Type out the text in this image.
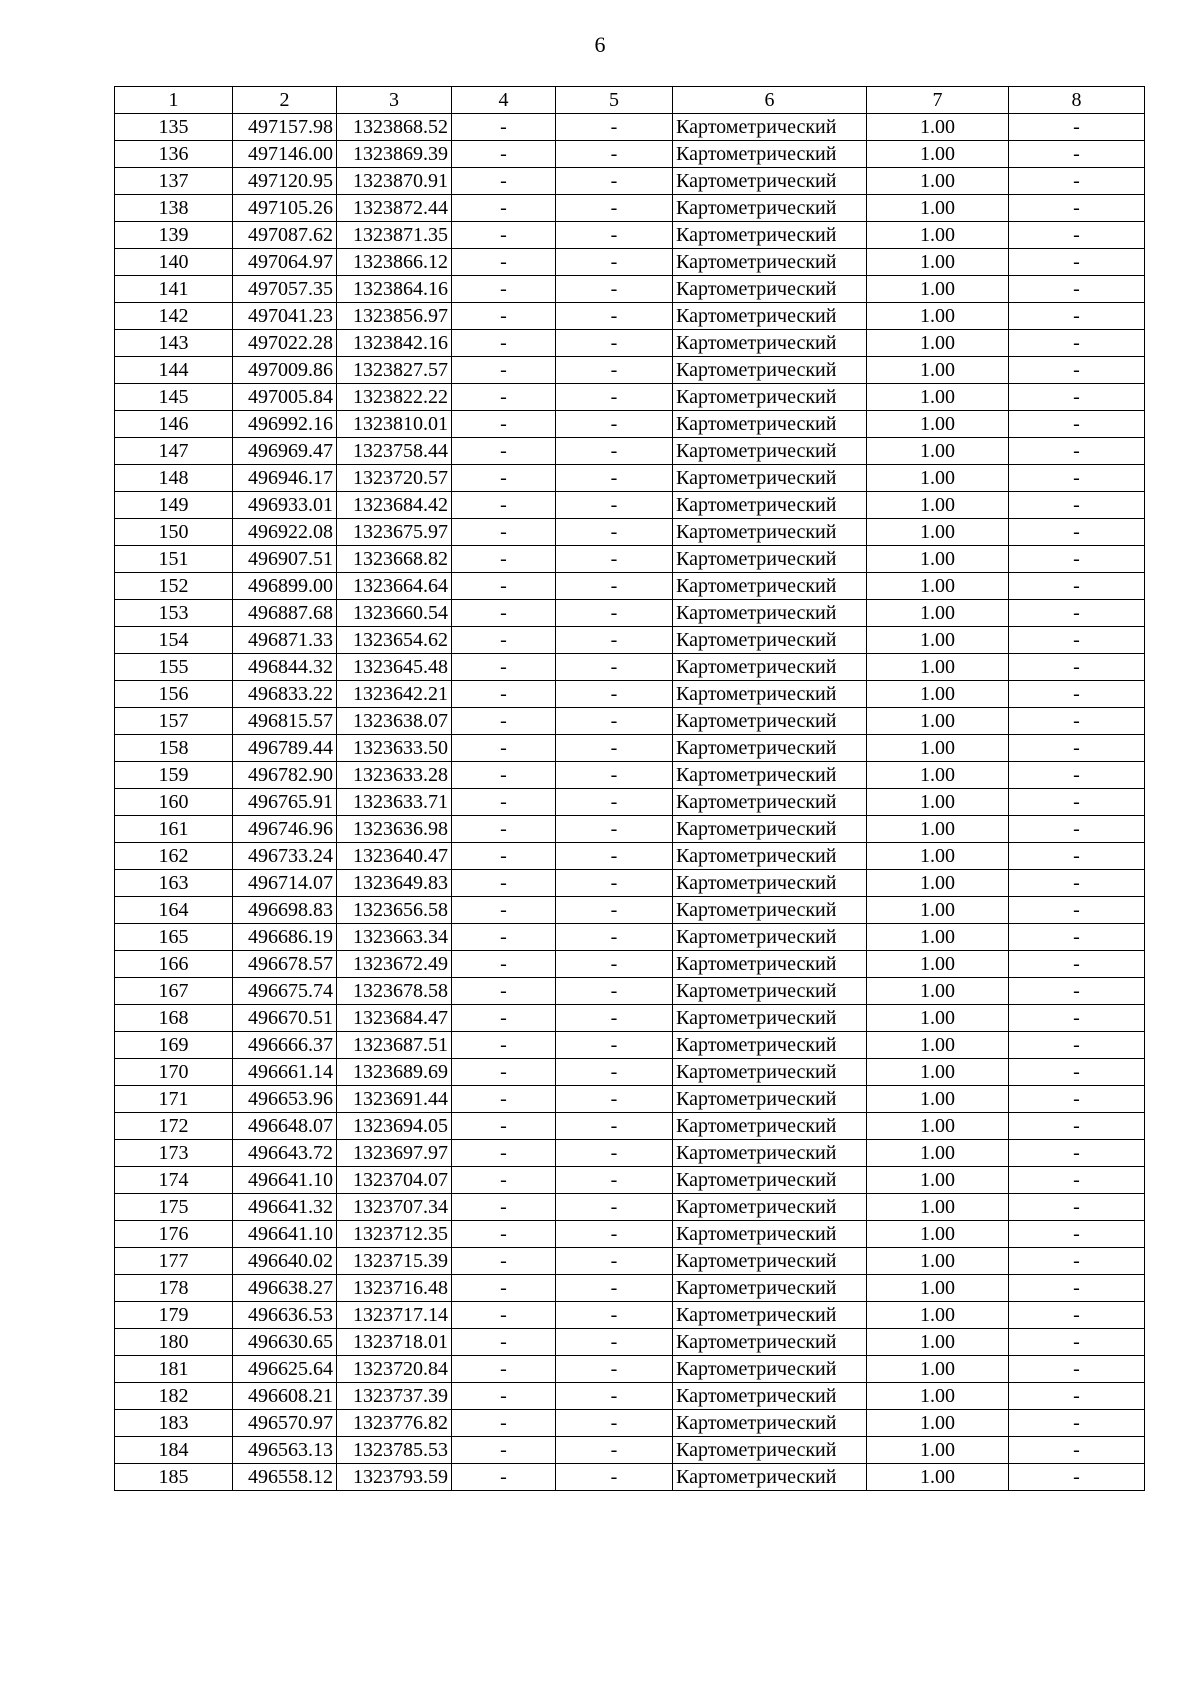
6
1	2	3	4	5	6	7	8
135	497157.98	1323868.52	-	-	Картометрический	1.00	-
136	497146.00	1323869.39	-	-	Картометрический	1.00	-
137	497120.95	1323870.91	-	-	Картометрический	1.00	-
138	497105.26	1323872.44	-	-	Картометрический	1.00	-
139	497087.62	1323871.35	-	-	Картометрический	1.00	-
140	497064.97	1323866.12	-	-	Картометрический	1.00	-
141	497057.35	1323864.16	-	-	Картометрический	1.00	-
142	497041.23	1323856.97	-	-	Картометрический	1.00	-
143	497022.28	1323842.16	-	-	Картометрический	1.00	-
144	497009.86	1323827.57	-	-	Картометрический	1.00	-
145	497005.84	1323822.22	-	-	Картометрический	1.00	-
146	496992.16	1323810.01	-	-	Картометрический	1.00	-
147	496969.47	1323758.44	-	-	Картометрический	1.00	-
148	496946.17	1323720.57	-	-	Картометрический	1.00	-
149	496933.01	1323684.42	-	-	Картометрический	1.00	-
150	496922.08	1323675.97	-	-	Картометрический	1.00	-
151	496907.51	1323668.82	-	-	Картометрический	1.00	-
152	496899.00	1323664.64	-	-	Картометрический	1.00	-
153	496887.68	1323660.54	-	-	Картометрический	1.00	-
154	496871.33	1323654.62	-	-	Картометрический	1.00	-
155	496844.32	1323645.48	-	-	Картометрический	1.00	-
156	496833.22	1323642.21	-	-	Картометрический	1.00	-
157	496815.57	1323638.07	-	-	Картометрический	1.00	-
158	496789.44	1323633.50	-	-	Картометрический	1.00	-
159	496782.90	1323633.28	-	-	Картометрический	1.00	-
160	496765.91	1323633.71	-	-	Картометрический	1.00	-
161	496746.96	1323636.98	-	-	Картометрический	1.00	-
162	496733.24	1323640.47	-	-	Картометрический	1.00	-
163	496714.07	1323649.83	-	-	Картометрический	1.00	-
164	496698.83	1323656.58	-	-	Картометрический	1.00	-
165	496686.19	1323663.34	-	-	Картометрический	1.00	-
166	496678.57	1323672.49	-	-	Картометрический	1.00	-
167	496675.74	1323678.58	-	-	Картометрический	1.00	-
168	496670.51	1323684.47	-	-	Картометрический	1.00	-
169	496666.37	1323687.51	-	-	Картометрический	1.00	-
170	496661.14	1323689.69	-	-	Картометрический	1.00	-
171	496653.96	1323691.44	-	-	Картометрический	1.00	-
172	496648.07	1323694.05	-	-	Картометрический	1.00	-
173	496643.72	1323697.97	-	-	Картометрический	1.00	-
174	496641.10	1323704.07	-	-	Картометрический	1.00	-
175	496641.32	1323707.34	-	-	Картометрический	1.00	-
176	496641.10	1323712.35	-	-	Картометрический	1.00	-
177	496640.02	1323715.39	-	-	Картометрический	1.00	-
178	496638.27	1323716.48	-	-	Картометрический	1.00	-
179	496636.53	1323717.14	-	-	Картометрический	1.00	-
180	496630.65	1323718.01	-	-	Картометрический	1.00	-
181	496625.64	1323720.84	-	-	Картометрический	1.00	-
182	496608.21	1323737.39	-	-	Картометрический	1.00	-
183	496570.97	1323776.82	-	-	Картометрический	1.00	-
184	496563.13	1323785.53	-	-	Картометрический	1.00	-
185	496558.12	1323793.59	-	-	Картометрический	1.00	-
